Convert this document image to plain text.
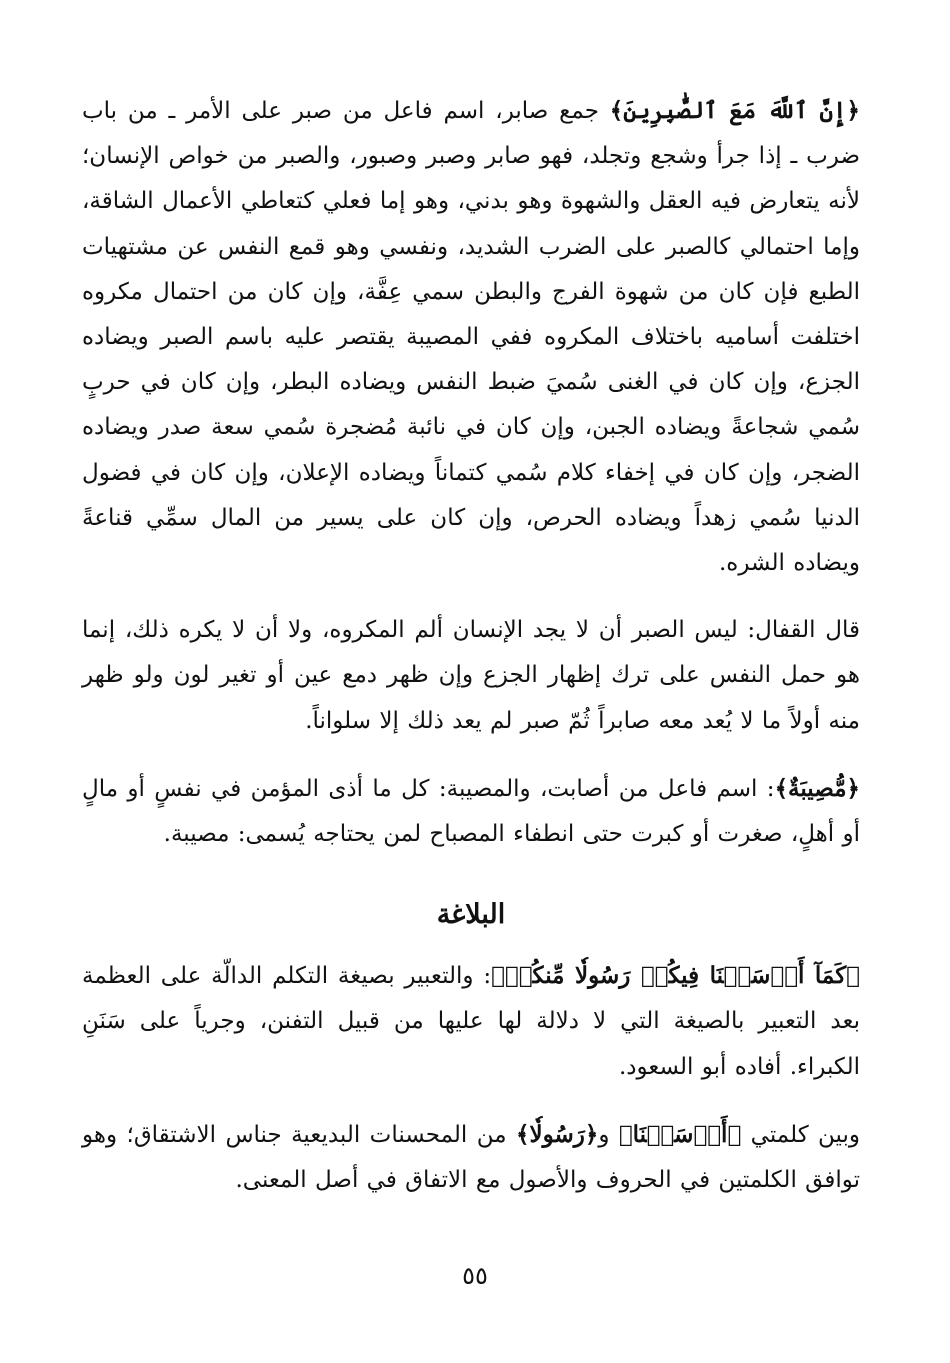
﴿إِنَّ ٱللَّهَ مَعَ ٱلصَّٰبِرِينَ﴾ جمع صابر، اسم فاعل من صبر على الأمر ـ من باب ضرب ـ إذا جرأ وشجع وتجلد، فهو صابر وصبر وصبور، والصبر من خواص الإنسان؛ لأنه يتعارض فيه العقل والشهوة وهو بدني، وهو إما فعلي كتعاطي الأعمال الشاقة، وإما احتمالي كالصبر على الضرب الشديد، ونفسي وهو قمع النفس عن مشتهيات الطبع فإن كان من شهوة الفرج والبطن سمي عِفَّة، وإن كان من احتمال مكروه اختلفت أساميه باختلاف المكروه ففي المصيبة يقتصر عليه باسم الصبر ويضاده الجزع، وإن كان في الغنى سُميَ ضبط النفس ويضاده البطر، وإن كان في حربٍ سُمي شجاعةً ويضاده الجبن، وإن كان في نائبة مُضجرة سُمي سعة صدر ويضاده الضجر، وإن كان في إخفاء كلام سُمي كتماناً ويضاده الإعلان، وإن كان في فضول الدنيا سُمي زهداً ويضاده الحرص، وإن كان على يسير من المال سمِّي قناعةً ويضاده الشره.

قال القفال: ليس الصبر أن لا يجد الإنسان ألم المكروه، ولا أن لا يكره ذلك، إنما هو حمل النفس على ترك إظهار الجزع وإن ظهر دمع عين أو تغير لون ولو ظهر منه أولاً ما لا يُعد معه صابراً ثُمّ صبر لم يعد ذلك إلا سلواناً.

﴿مُّصِيبَةٌ﴾: اسم فاعل من أصابت، والمصيبة: كل ما أذى المؤمن في نفسٍ أو مالٍ أو أهلٍ، صغرت أو كبرت حتى انطفاء المصباح لمن يحتاجه يُسمى: مصيبة.

البلاغة

﴿كَمَآ أَرۡسَلۡنَا فِيكُمۡ رَسُولٗا مِّنكُمۡ﴾: والتعبير بصيغة التكلم الدالّة على العظمة بعد التعبير بالصيغة التي لا دلالة لها عليها من قبيل التفنن، وجرياً على سَنَنِ الكبراء. أفاده أبو السعود.

وبين كلمتي ﴿أَرۡسَلۡنَا﴾ و﴿رَسُولٗا﴾ من المحسنات البديعية جناس الاشتقاق؛ وهو توافق الكلمتين في الحروف والأصول مع الاتفاق في أصل المعنى.

٥٥
